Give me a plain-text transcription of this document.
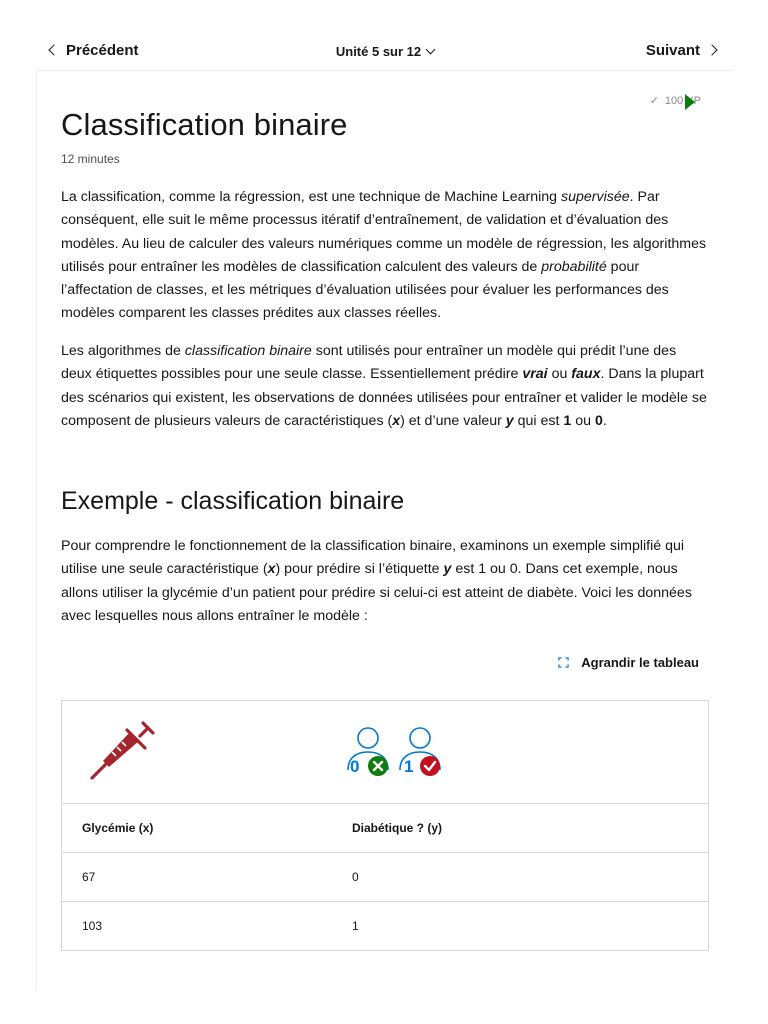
Précédent	Unité 5 sur 12	Suivant
✓ 100 XP
Classification binaire
12 minutes

La classification, comme la régression, est une technique de Machine Learning supervisée. Par conséquent, elle suit le même processus itératif d’entraînement, de validation et d’évaluation des modèles. Au lieu de calculer des valeurs numériques comme un modèle de régression, les algorithmes utilisés pour entraîner les modèles de classification calculent des valeurs de probabilité pour l’affectation de classes, et les métriques d’évaluation utilisées pour évaluer les performances des modèles comparent les classes prédites aux classes réelles.

Les algorithmes de classification binaire sont utilisés pour entraîner un modèle qui prédit l’une des deux étiquettes possibles pour une seule classe. Essentiellement prédire vrai ou faux. Dans la plupart des scénarios qui existent, les observations de données utilisées pour entraîner et valider le modèle se composent de plusieurs valeurs de caractéristiques (x) et d’une valeur y qui est 1 ou 0.

Exemple - classification binaire

Pour comprendre le fonctionnement de la classification binaire, examinons un exemple simplifié qui utilise une seule caractéristique (x) pour prédire si l’étiquette y est 1 ou 0. Dans cet exemple, nous allons utiliser la glycémie d’un patient pour prédire si celui-ci est atteint de diabète. Voici les données avec lesquelles nous allons entraîner le modèle :

Agrandir le tableau

0 1

Glycémie (x)	Diabétique ? (y)
67	0
103	1
